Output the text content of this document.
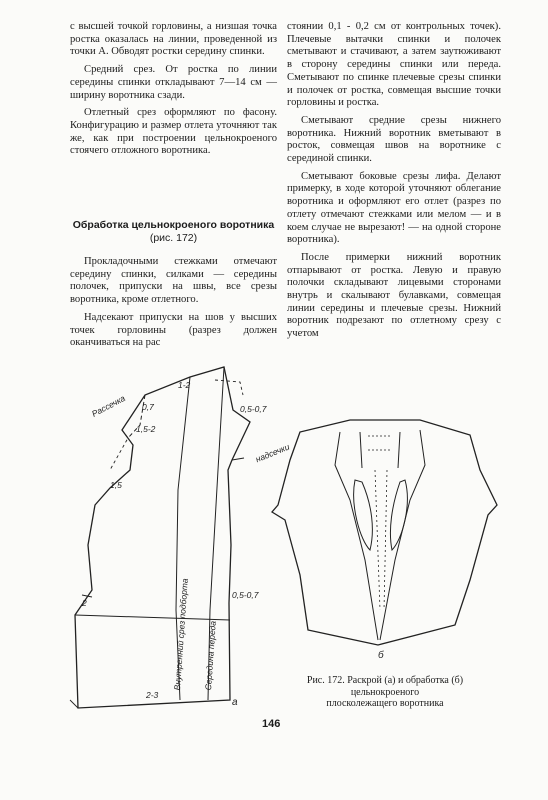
с высшей точкой горловины, а низшая точка ростка оказалась на линии, проведенной из точки А. Обводят ростки середину спинки.

Средний срез. От ростка по линии середины спинки откладывают 7—14 см — ширину воротника сзади.

Отлетный срез оформляют по фасону. Конфигурацию и размер отлета уточняют так же, как при построении цельнокроеного стоячего отложного воротника.

Обработка цельнокроеного воротника (рис. 172)

Прокладочными стежками отмечают середину спинки, силками — середины полочек, припуски на швы, все срезы воротника, кроме отлетного.

Надсекают припуски на шов у высших точек горловины (разрез должен оканчиваться на рас

стоянии 0,1 - 0,2 см от контрольных точек). Плечевые вытачки спинки и полочек сметывают и стачивают, а затем заутюживают в сторону середины спинки или переда. Сметывают по спинке плечевые срезы спинки и полочек от ростка, совмещая высшие точки горловины и ростка.

Сметывают средние срезы нижнего воротника. Нижний воротник вметывают в росток, совмещая швов на воротнике с серединой спинки.

Сметывают боковые срезы лифа. Делают примерку, в ходе которой уточняют облегание воротника и оформляют его отлет (разрез по отлету отмечают стежками или мелом — и в коем случае не вырезают! — на одной стороне воротника).

После примерки нижний воротник отпарывают от ростка. Левую и правую полочки складывают лицевыми сторонами внутрь и скалывают булавками, совмещая линии середины и плечевые срезы. Нижний воротник подрезают по отлетному срезу с учетом

Рассечка
1-2
0,7	0,5-0,7
1,5-2
надсечки
1,5
2
0,5-0,7
Внутренний срез подборта Середина переда
2-3
а
б
Рис. 172. Раскрой (а) и обработка (б)
цельнокроеного
плосколежащего воротника
146
